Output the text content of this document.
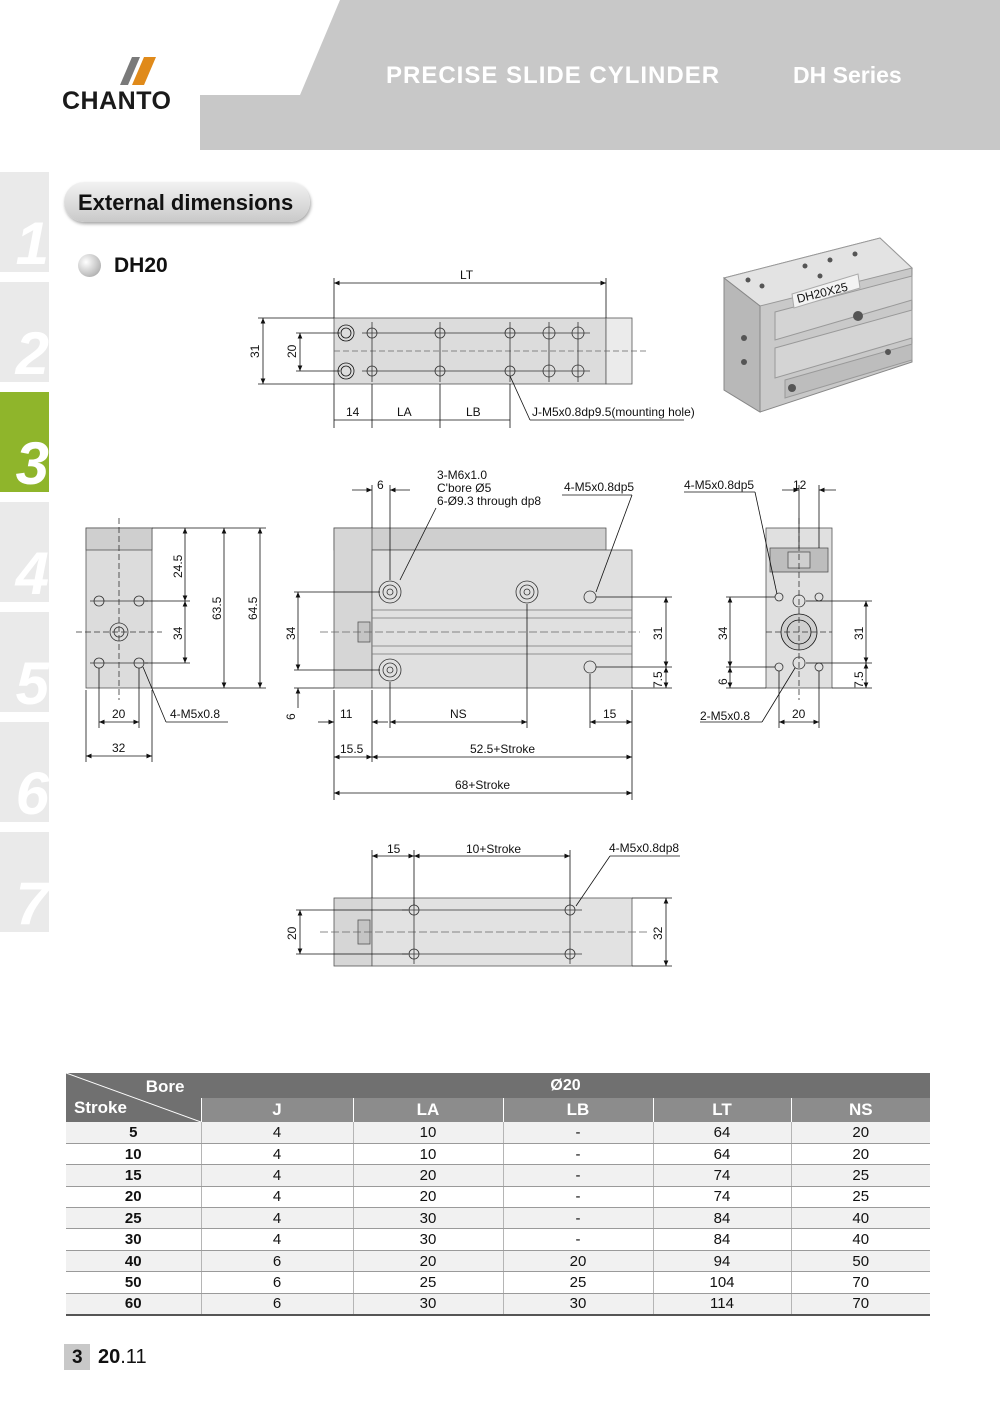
CHANTO
PRECISE SLIDE CYLINDER	DH Series
1
2
3
4
5
6
7
External dimensions
DH20	LT
31 20
14	LA	LB	J-M5x0.8dp9.5(mounting hole)
DH20X25
24.5
34
63.5 64.5
20
32
4-M5x0.8
3-M6x1.0
C'bore Ø5
6-Ø9.3 through dp8
4-M5x0.8dp5
6
34
6	11	NS	15
31
7.5
15.5	52.5+Stroke
68+Stroke
4-M5x0.8dp5	12
34
6
31
7.5
2-M5x0.8	20
15	10+Stroke	4-M5x0.8dp8
20	32
Bore
Stroke	Ø20				
	J	LA	LB	LT	NS
5	4	10	-	64	20
10	4	10	-	64	20
15	4	20	-	74	25
20	4	20	-	74	25
25	4	30	-	84	40
30	4	30	-	84	40
40	6	20	20	94	50
50	6	25	25	104	70
60	6	30	30	114	70
3 20.11
